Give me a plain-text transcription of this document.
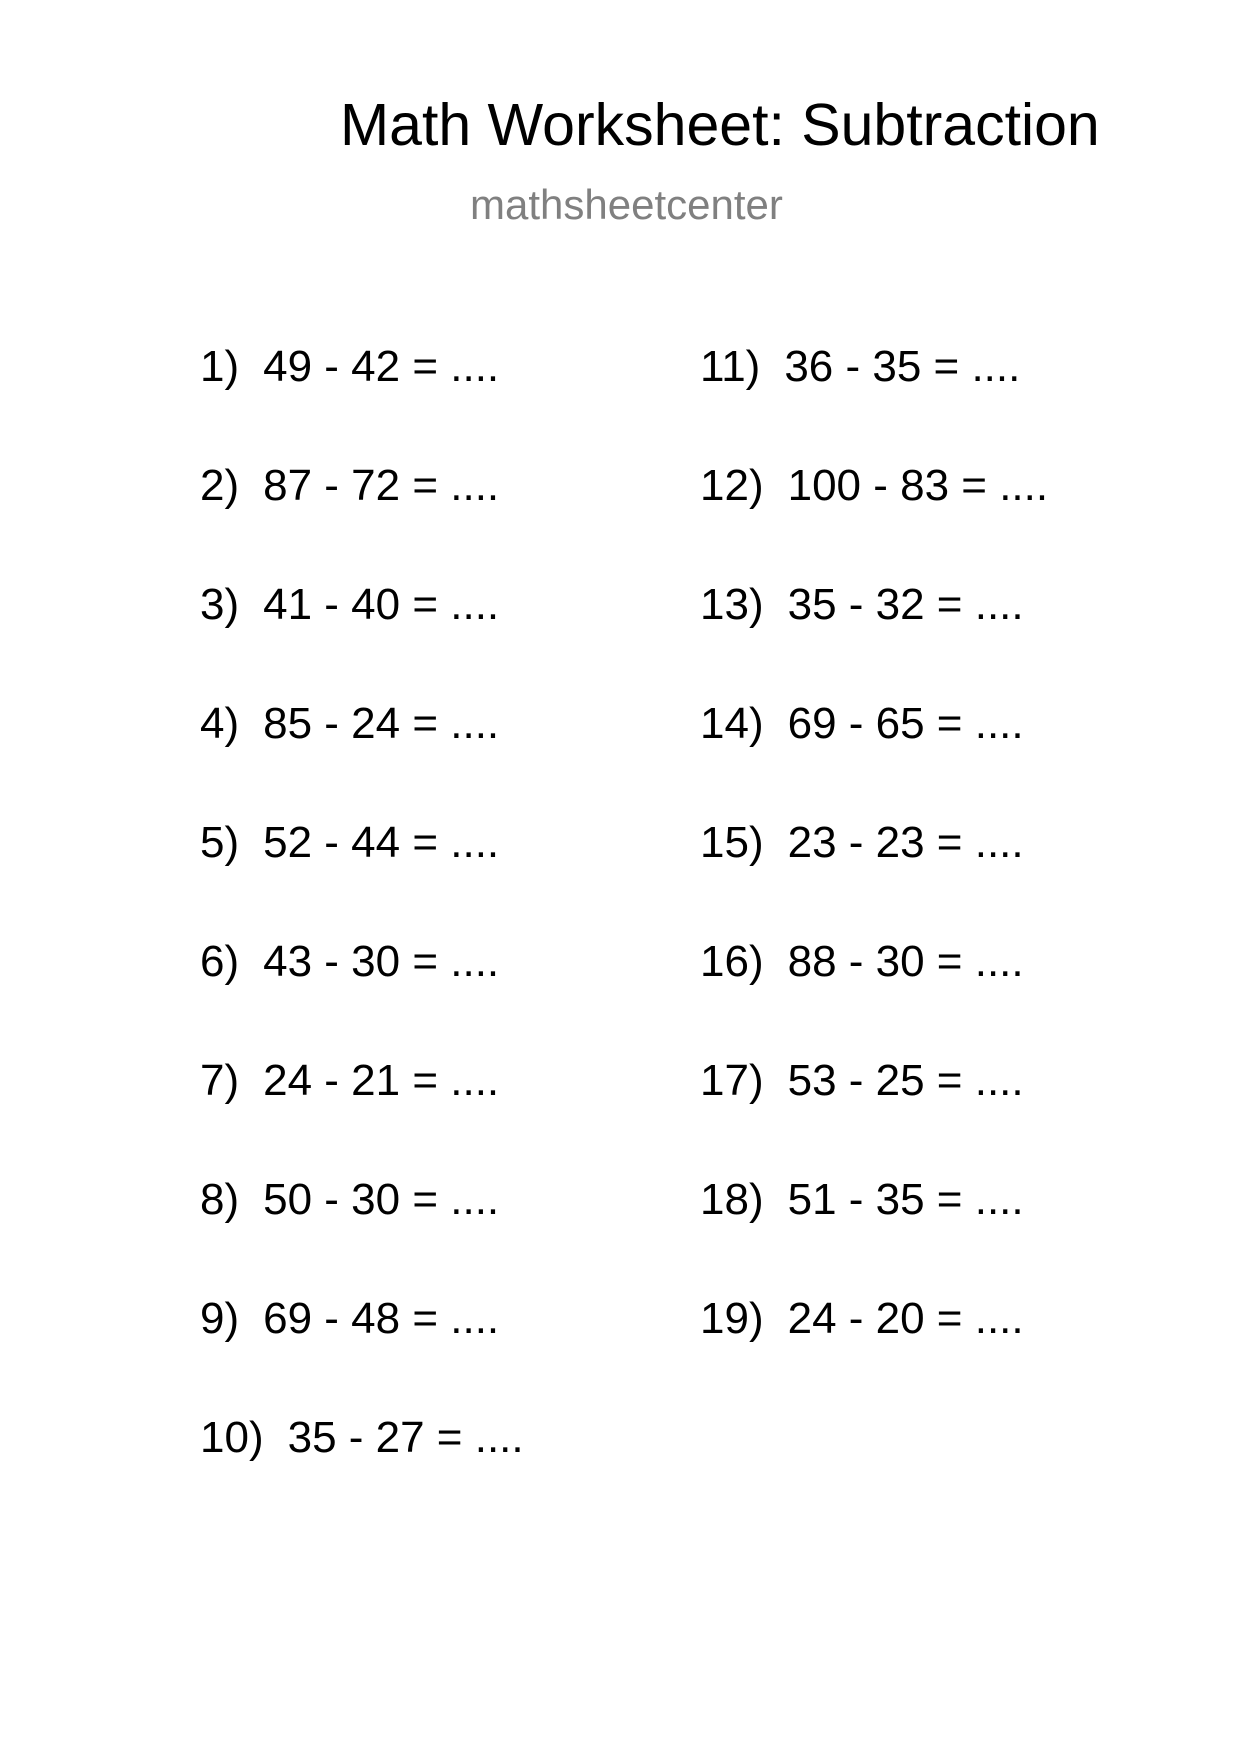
Math Worksheet: Subtraction
mathsheetcenter
1) 49 - 42 = ....
2) 87 - 72 = ....
3) 41 - 40 = ....
4) 85 - 24 = ....
5) 52 - 44 = ....
6) 43 - 30 = ....
7) 24 - 21 = ....
8) 50 - 30 = ....
9) 69 - 48 = ....
10) 35 - 27 = ....
11) 36 - 35 = ....
12) 100 - 83 = ....
13) 35 - 32 = ....
14) 69 - 65 = ....
15) 23 - 23 = ....
16) 88 - 30 = ....
17) 53 - 25 = ....
18) 51 - 35 = ....
19) 24 - 20 = ....
